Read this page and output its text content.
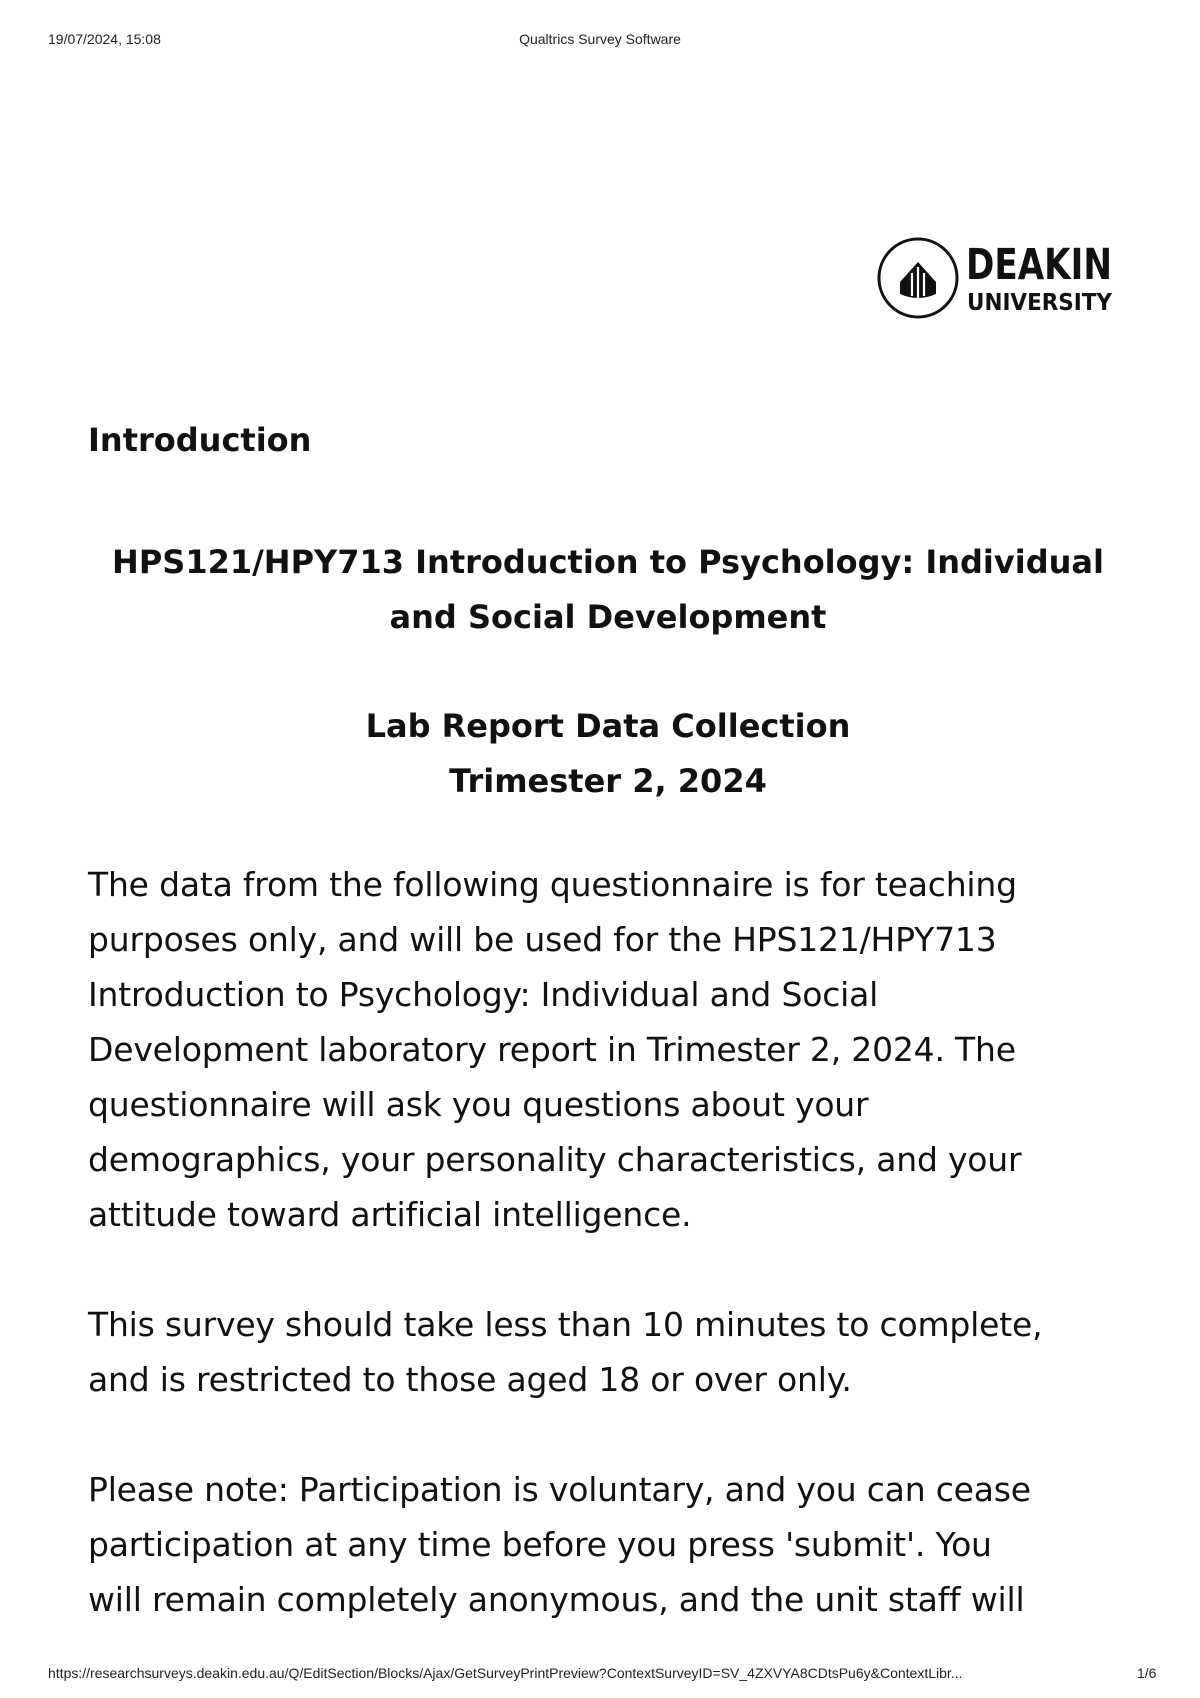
19/07/2024, 15:08	Qualtrics Survey Software
DEAKIN
UNIVERSITY
Introduction
HPS121/HPY713 Introduction to Psychology: Individual
and Social Development
Lab Report Data Collection
Trimester 2, 2024
The data from the following questionnaire is for teaching
purposes only, and will be used for the HPS121/HPY713
Introduction to Psychology: Individual and Social
Development laboratory report in Trimester 2, 2024. The
questionnaire will ask you questions about your
demographics, your personality characteristics, and your
attitude toward artificial intelligence.
This survey should take less than 10 minutes to complete,
and is restricted to those aged 18 or over only.
Please note: Participation is voluntary, and you can cease
participation at any time before you press 'submit'. You
will remain completely anonymous, and the unit staff will
https://researchsurveys.deakin.edu.au/Q/EditSection/Blocks/Ajax/GetSurveyPrintPreview?ContextSurveyID=SV_4ZXVYA8CDtsPu6y&ContextLibr...	1/6
